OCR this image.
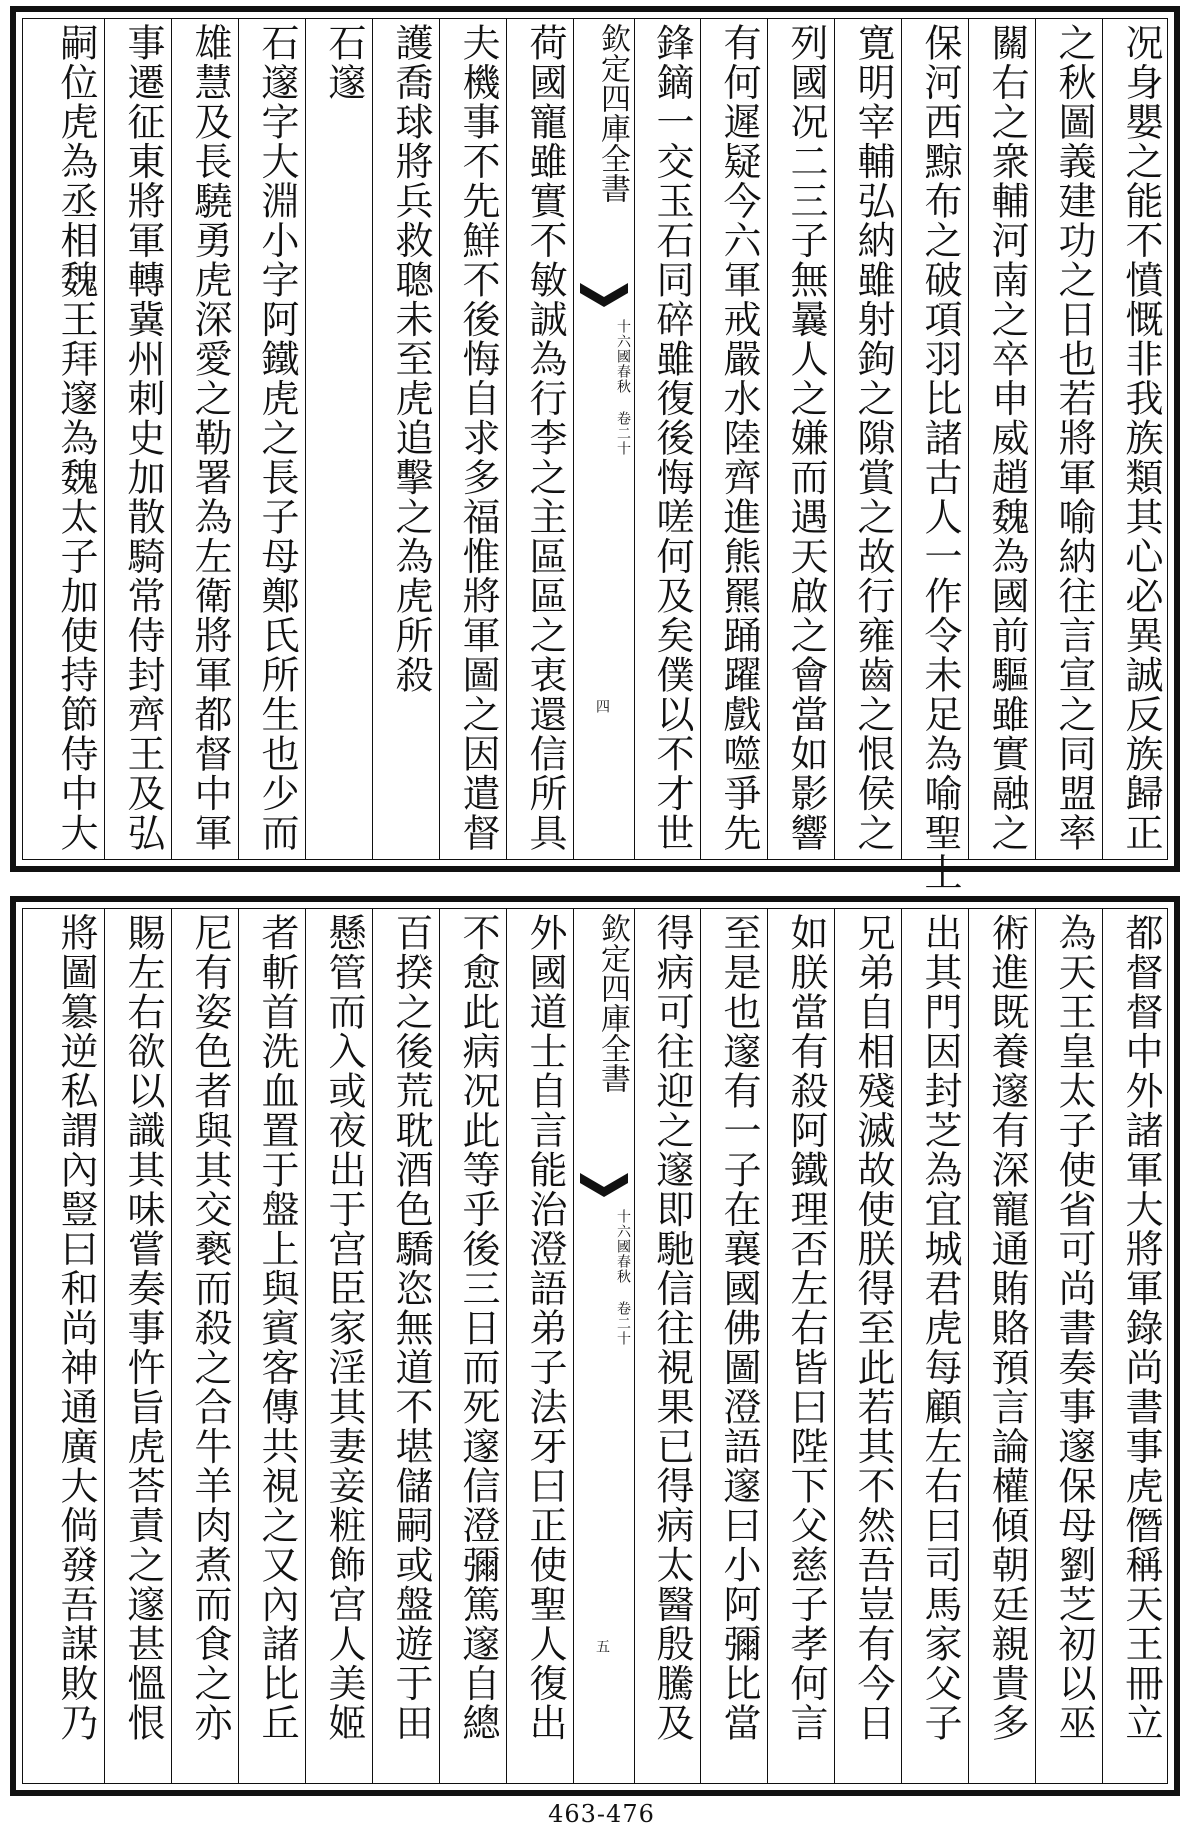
况身嬰之能不憤慨非我族類其心必異誠反族歸正
之秋圖義建功之日也若將軍喻納往言宣之同盟率
關右之衆輔河南之卒申威趙魏為國前驅雖實融之
保河西黥布之破項羽比諸古人一作令未足為喻聖上
寛明宰輔弘納雖射鉤之隙賞之故行雍齒之恨侯之
列國况二三子無曩人之嫌而遇天啟之會當如影響
有何遲疑今六軍戒嚴水陸齊進熊羆踊躍戲噬爭先
鋒鏑一交玉石同碎雖復後悔嗟何及矣僕以不才世
荷國寵雖實不敏誠為行李之主區區之衷還信所具
夫機事不先鮮不後悔自求多福惟將軍圖之因遣督
護喬球將兵救聰未至虎追擊之為虎所殺
石邃
石邃字大淵小字阿鐵虎之長子母鄭氏所生也少而
雄慧及長驍勇虎深愛之勒署為左衛將軍都督中軍
事遷征東將軍轉冀州刺史加散騎常侍封齊王及弘
嗣位虎為丞相魏王拜邃為魏太子加使持節侍中大	欽定四庫全書
十六國春秋 卷二十
四
都督督中外諸軍大將軍錄尚書事虎僭稱天王冊立
為天王皇太子使省可尚書奏事邃保母劉芝初以巫
術進既養邃有深寵通賄賂預言論權傾朝廷親貴多
出其門因封芝為宜城君虎每顧左右曰司馬家父子
兄弟自相殘滅故使朕得至此若其不然吾豈有今日
如朕當有殺阿鐵理否左右皆曰陛下父慈子孝何言
至是也邃有一子在襄國佛圖澄語邃曰小阿彌比當
得病可往迎之邃即馳信往視果已得病太醫殷騰及
外國道士自言能治澄語弟子法牙曰正使聖人復出
不愈此病况此等乎後三日而死邃信澄彌篤邃自總
百揆之後荒耽酒色驕恣無道不堪儲嗣或盤遊于田
懸管而入或夜出于宫臣家淫其妻妾粧飾宫人美姬
者斬首洗血置于盤上與賓客傳共視之又內諸比丘
尼有姿色者與其交褻而殺之合牛羊肉煮而食之亦
賜左右欲以識其味嘗奏事忤旨虎荅責之邃甚慍恨
將圖簒逆私謂內豎曰和尚神通廣大倘發吾謀敗乃	欽定四庫全書
十六國春秋 卷二十
五
463-476
